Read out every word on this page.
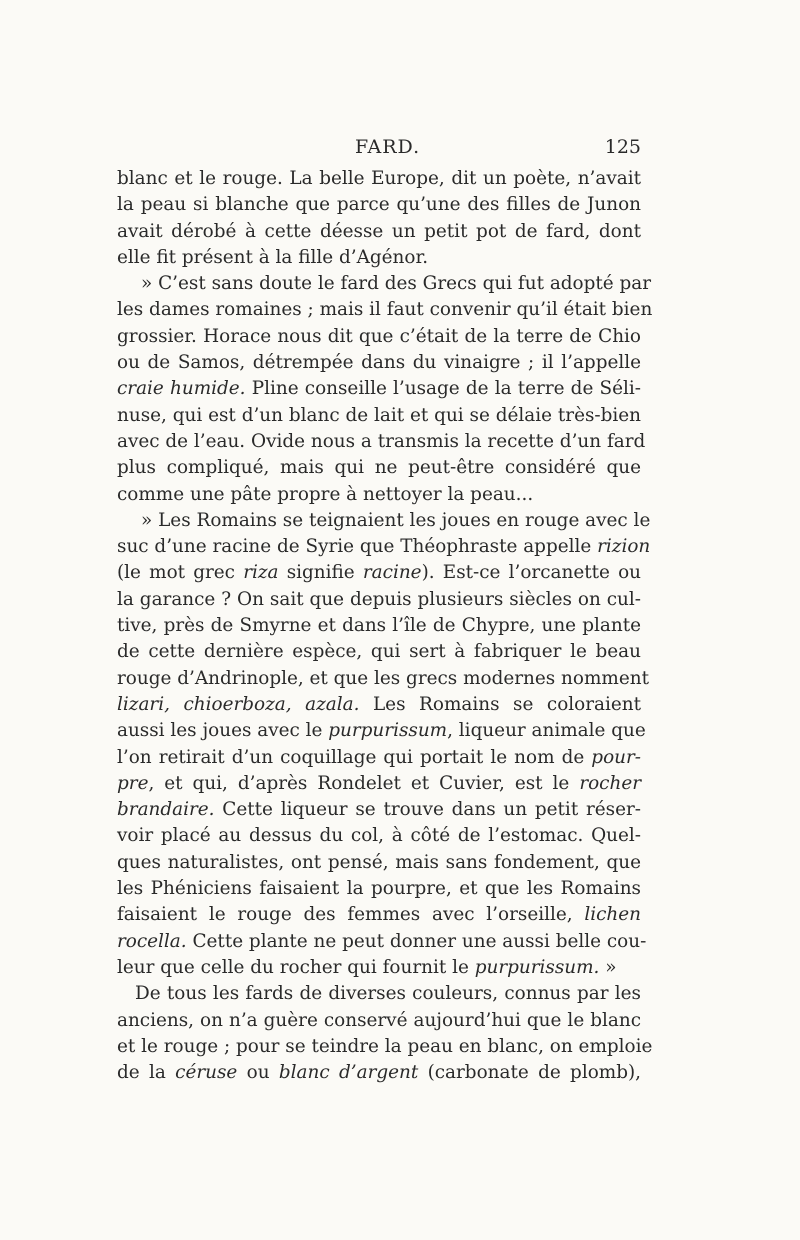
FARD.	125
blanc et le rouge. La belle Europe, dit un poète, n’avait
la peau si blanche que parce qu’une des filles de Junon
avait dérobé à cette déesse un petit pot de fard, dont
elle fit présent à la fille d’Agénor.
» C’est sans doute le fard des Grecs qui fut adopté par
les dames romaines ; mais il faut convenir qu’il était bien
grossier. Horace nous dit que c’était de la terre de Chio
ou de Samos, détrempée dans du vinaigre ; il l’appelle
craie humide. Pline conseille l’usage de la terre de Séli-
nuse, qui est d’un blanc de lait et qui se délaie très-bien
avec de l’eau. Ovide nous a transmis la recette d’un fard
plus compliqué, mais qui ne peut-être considéré que
comme une pâte propre à nettoyer la peau...
» Les Romains se teignaient les joues en rouge avec le
suc d’une racine de Syrie que Théophraste appelle rizion
(le mot grec riza signifie racine). Est-ce l’orcanette ou
la garance ? On sait que depuis plusieurs siècles on cul-
tive, près de Smyrne et dans l’île de Chypre, une plante
de cette dernière espèce, qui sert à fabriquer le beau
rouge d’Andrinople, et que les grecs modernes nomment
lizari, chioerboza, azala. Les Romains se coloraient
aussi les joues avec le purpurissum, liqueur animale que
l’on retirait d’un coquillage qui portait le nom de pour-
pre, et qui, d’après Rondelet et Cuvier, est le rocher
brandaire. Cette liqueur se trouve dans un petit réser-
voir placé au dessus du col, à côté de l’estomac. Quel-
ques naturalistes, ont pensé, mais sans fondement, que
les Phéniciens faisaient la pourpre, et que les Romains
faisaient le rouge des femmes avec l’orseille, lichen
rocella. Cette plante ne peut donner une aussi belle cou-
leur que celle du rocher qui fournit le purpurissum. »
De tous les fards de diverses couleurs, connus par les
anciens, on n’a guère conservé aujourd’hui que le blanc
et le rouge ; pour se teindre la peau en blanc, on emploie
de la céruse ou blanc d’argent (carbonate de plomb),
